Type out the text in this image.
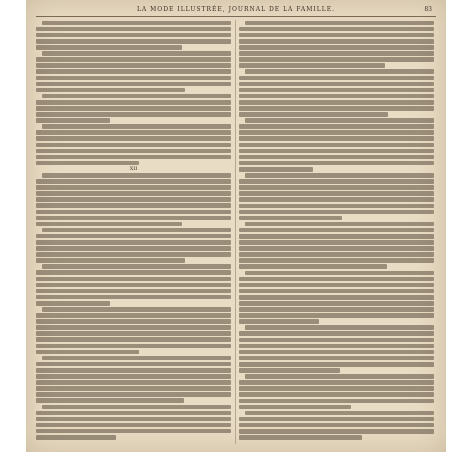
LA MODE ILLUSTRÉE, JOURNAL DE LA FAMILLE.	83
XII
